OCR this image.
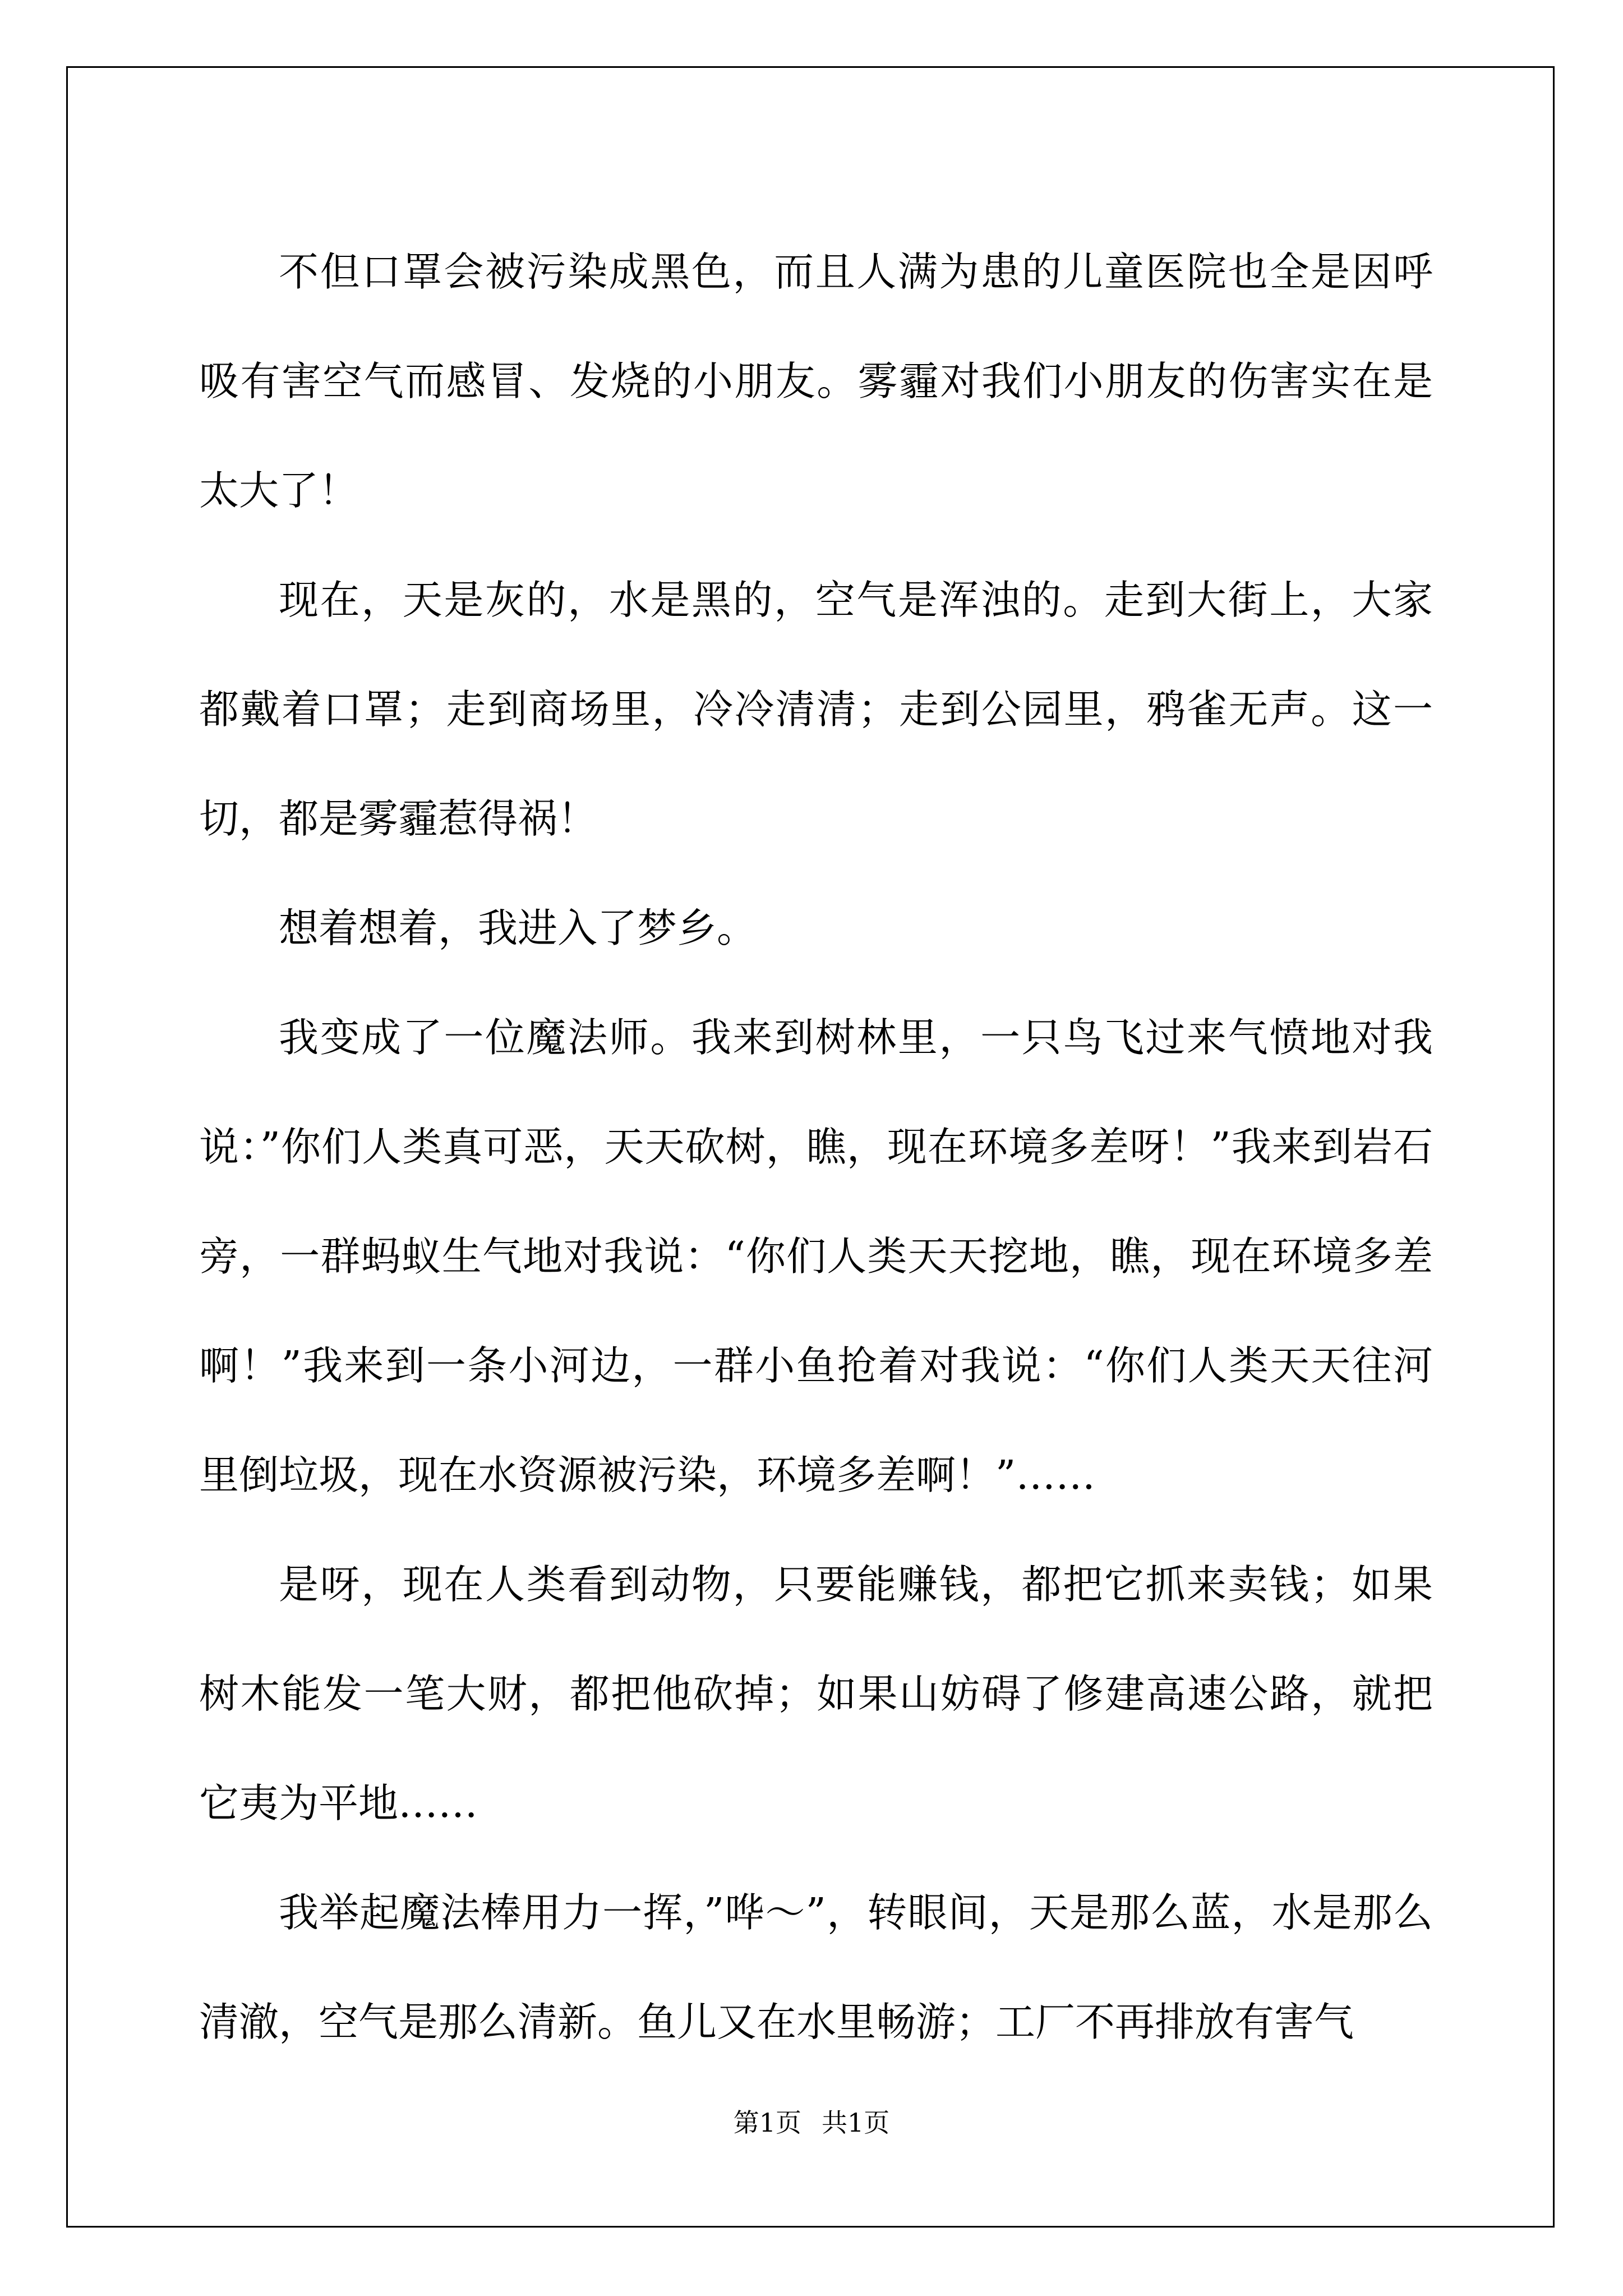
不但口罩会被污染成黑色，而且人满为患的儿童医院也全是因呼吸有害空气而感冒、发烧的小朋友。雾霾对我们小朋友的伤害实在是太大了！

现在，天是灰的，水是黑的，空气是浑浊的。走到大街上，大家都戴着口罩；走到商场里，冷冷清清；走到公园里，鸦雀无声。这一切，都是雾霾惹得祸！

想着想着，我进入了梦乡。

我变成了一位魔法师。我来到树林里，一只鸟飞过来气愤地对我说：”你们人类真可恶，天天砍树，瞧，现在环境多差呀！”我来到岩石旁，一群蚂蚁生气地对我说：“你们人类天天挖地，瞧，现在环境多差啊！”我来到一条小河边，一群小鱼抢着对我说：“你们人类天天往河里倒垃圾，现在水资源被污染，环境多差啊！”……

是呀，现在人类看到动物，只要能赚钱，都把它抓来卖钱；如果树木能发一笔大财，都把他砍掉；如果山妨碍了修建高速公路，就把它夷为平地……

我举起魔法棒用力一挥，”哗～”，转眼间，天是那么蓝，水是那么清澈，空气是那么清新。鱼儿又在水里畅游；工厂不再排放有害气

第1页 共1页
